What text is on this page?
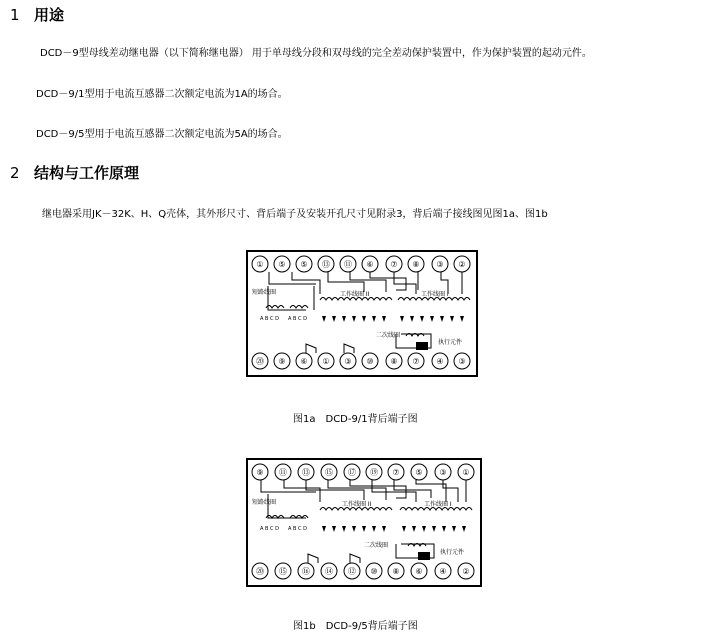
1 用途
DCD－9型母线差动继电器（以下简称继电器） 用于单母线分段和双母线的完全差动保护装置中，作为保护装置的起动元件。
DCD－9/1型用于电流互感器二次额定电流为1A的场合。
DCD－9/5型用于电流互感器二次额定电流为5A的场合。
2 结构与工作原理
继电器采用JK－32K、H、Q壳体，其外形尺寸、背后端子及安装开孔尺寸见附录3，背后端子接线图见图1a、图1b
① ⑤ ⑤ ⑬ ⑪ ⑥ ⑦ ⑧ ③ ②
⑳ ⑨ ⑥ ① ③ ⑩ ⑧ ⑦ ④ ③
短路线圈	工作线圈 II	工作线圈 I
二次线圈
执行元件
A B C D A B C D
图1a　DCD-9/1背后端子图
⑨ ⑪ ⑬ ⑮ ⑰ ⑲ ⑦ ⑤ ③ ①
⑳ ⑮ ⑯ ⑭ ⑫ ⑩ ⑧ ⑥ ④ ②
短路线圈	工作线圈 II	工作线圈 I
二次线圈
执行元件
A B C D A B C D
图1b　DCD-9/5背后端子图
